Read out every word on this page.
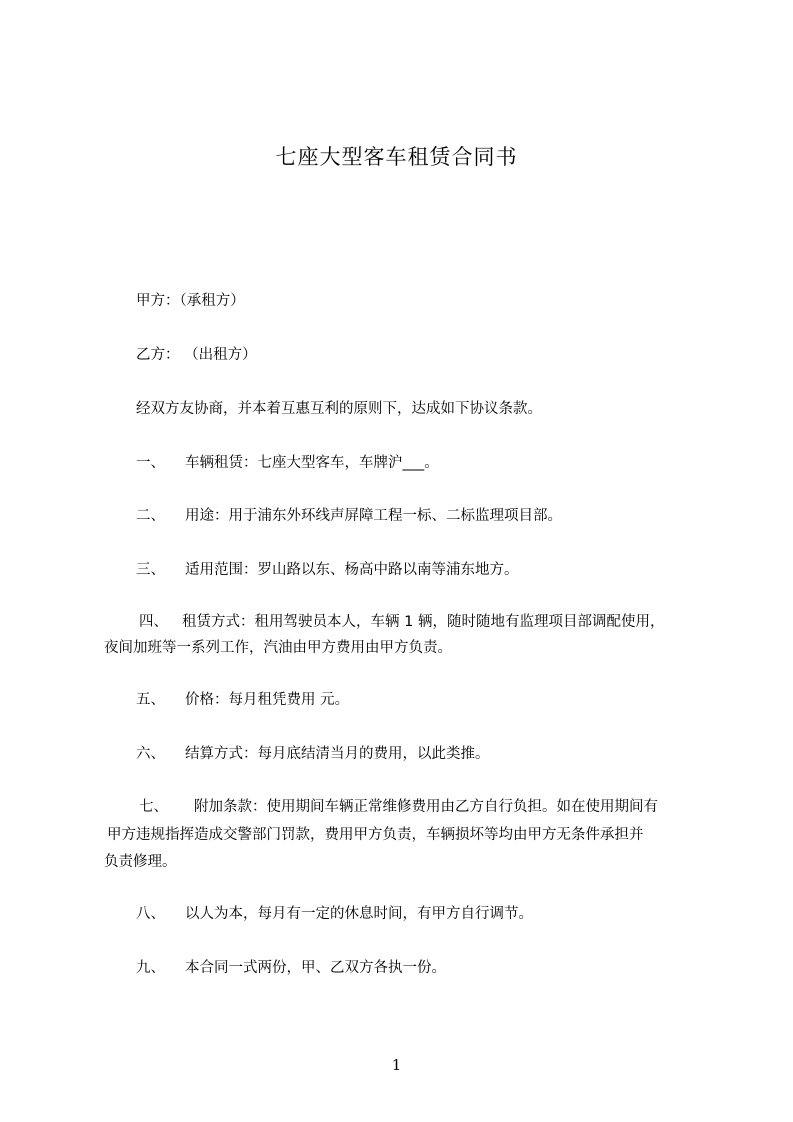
七座大型客车租赁合同书
甲方：（承租方）
乙方： （出租方）
经双方友协商，并本着互惠互利的原则下，达成如下协议条款。
一、 车辆租赁：七座大型客车，车牌沪___。
二、 用途：用于浦东外环线声屏障工程一标、二标监理项目部。
三、 适用范围：罗山路以东、杨高中路以南等浦东地方。
四、 租赁方式：租用驾驶员本人，车辆 1 辆，随时随地有监理项目部调配使用，
夜间加班等一系列工作，汽油由甲方费用由甲方负责。
五、 价格：每月租凭费用 元。
六、 结算方式：每月底结清当月的费用，以此类推。
七、 附加条款：使用期间车辆正常维修费用由乙方自行负担。如在使用期间有
甲方违规指挥造成交警部门罚款，费用甲方负责，车辆损坏等均由甲方无条件承担并
负责修理。
八、 以人为本，每月有一定的休息时间，有甲方自行调节。
九、 本合同一式两份，甲、乙双方各执一份。
1
